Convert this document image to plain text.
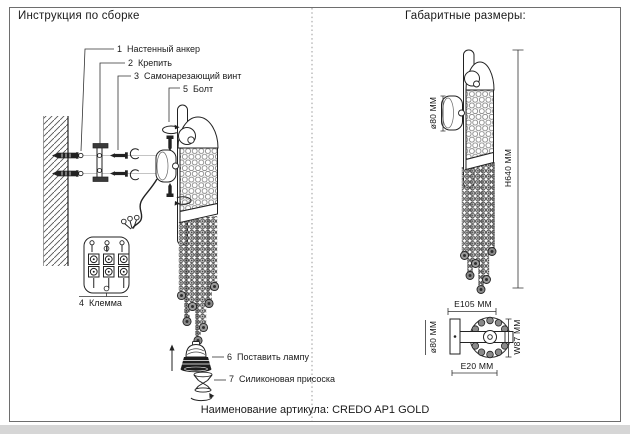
Инструкция по сборке	Габаритные размеры:
1 Настенный анкер
2 Крепить
3 Самонарезающий винт
5 Болт
4 Клемма
6 Поставить лампу
7 Силиконовая присоска
ø80 ММ
H640 ММ
E105 ММ
ø80 ММ	W87 ММ
E20 ММ
Наименование артикула: CREDO AP1 GOLD
